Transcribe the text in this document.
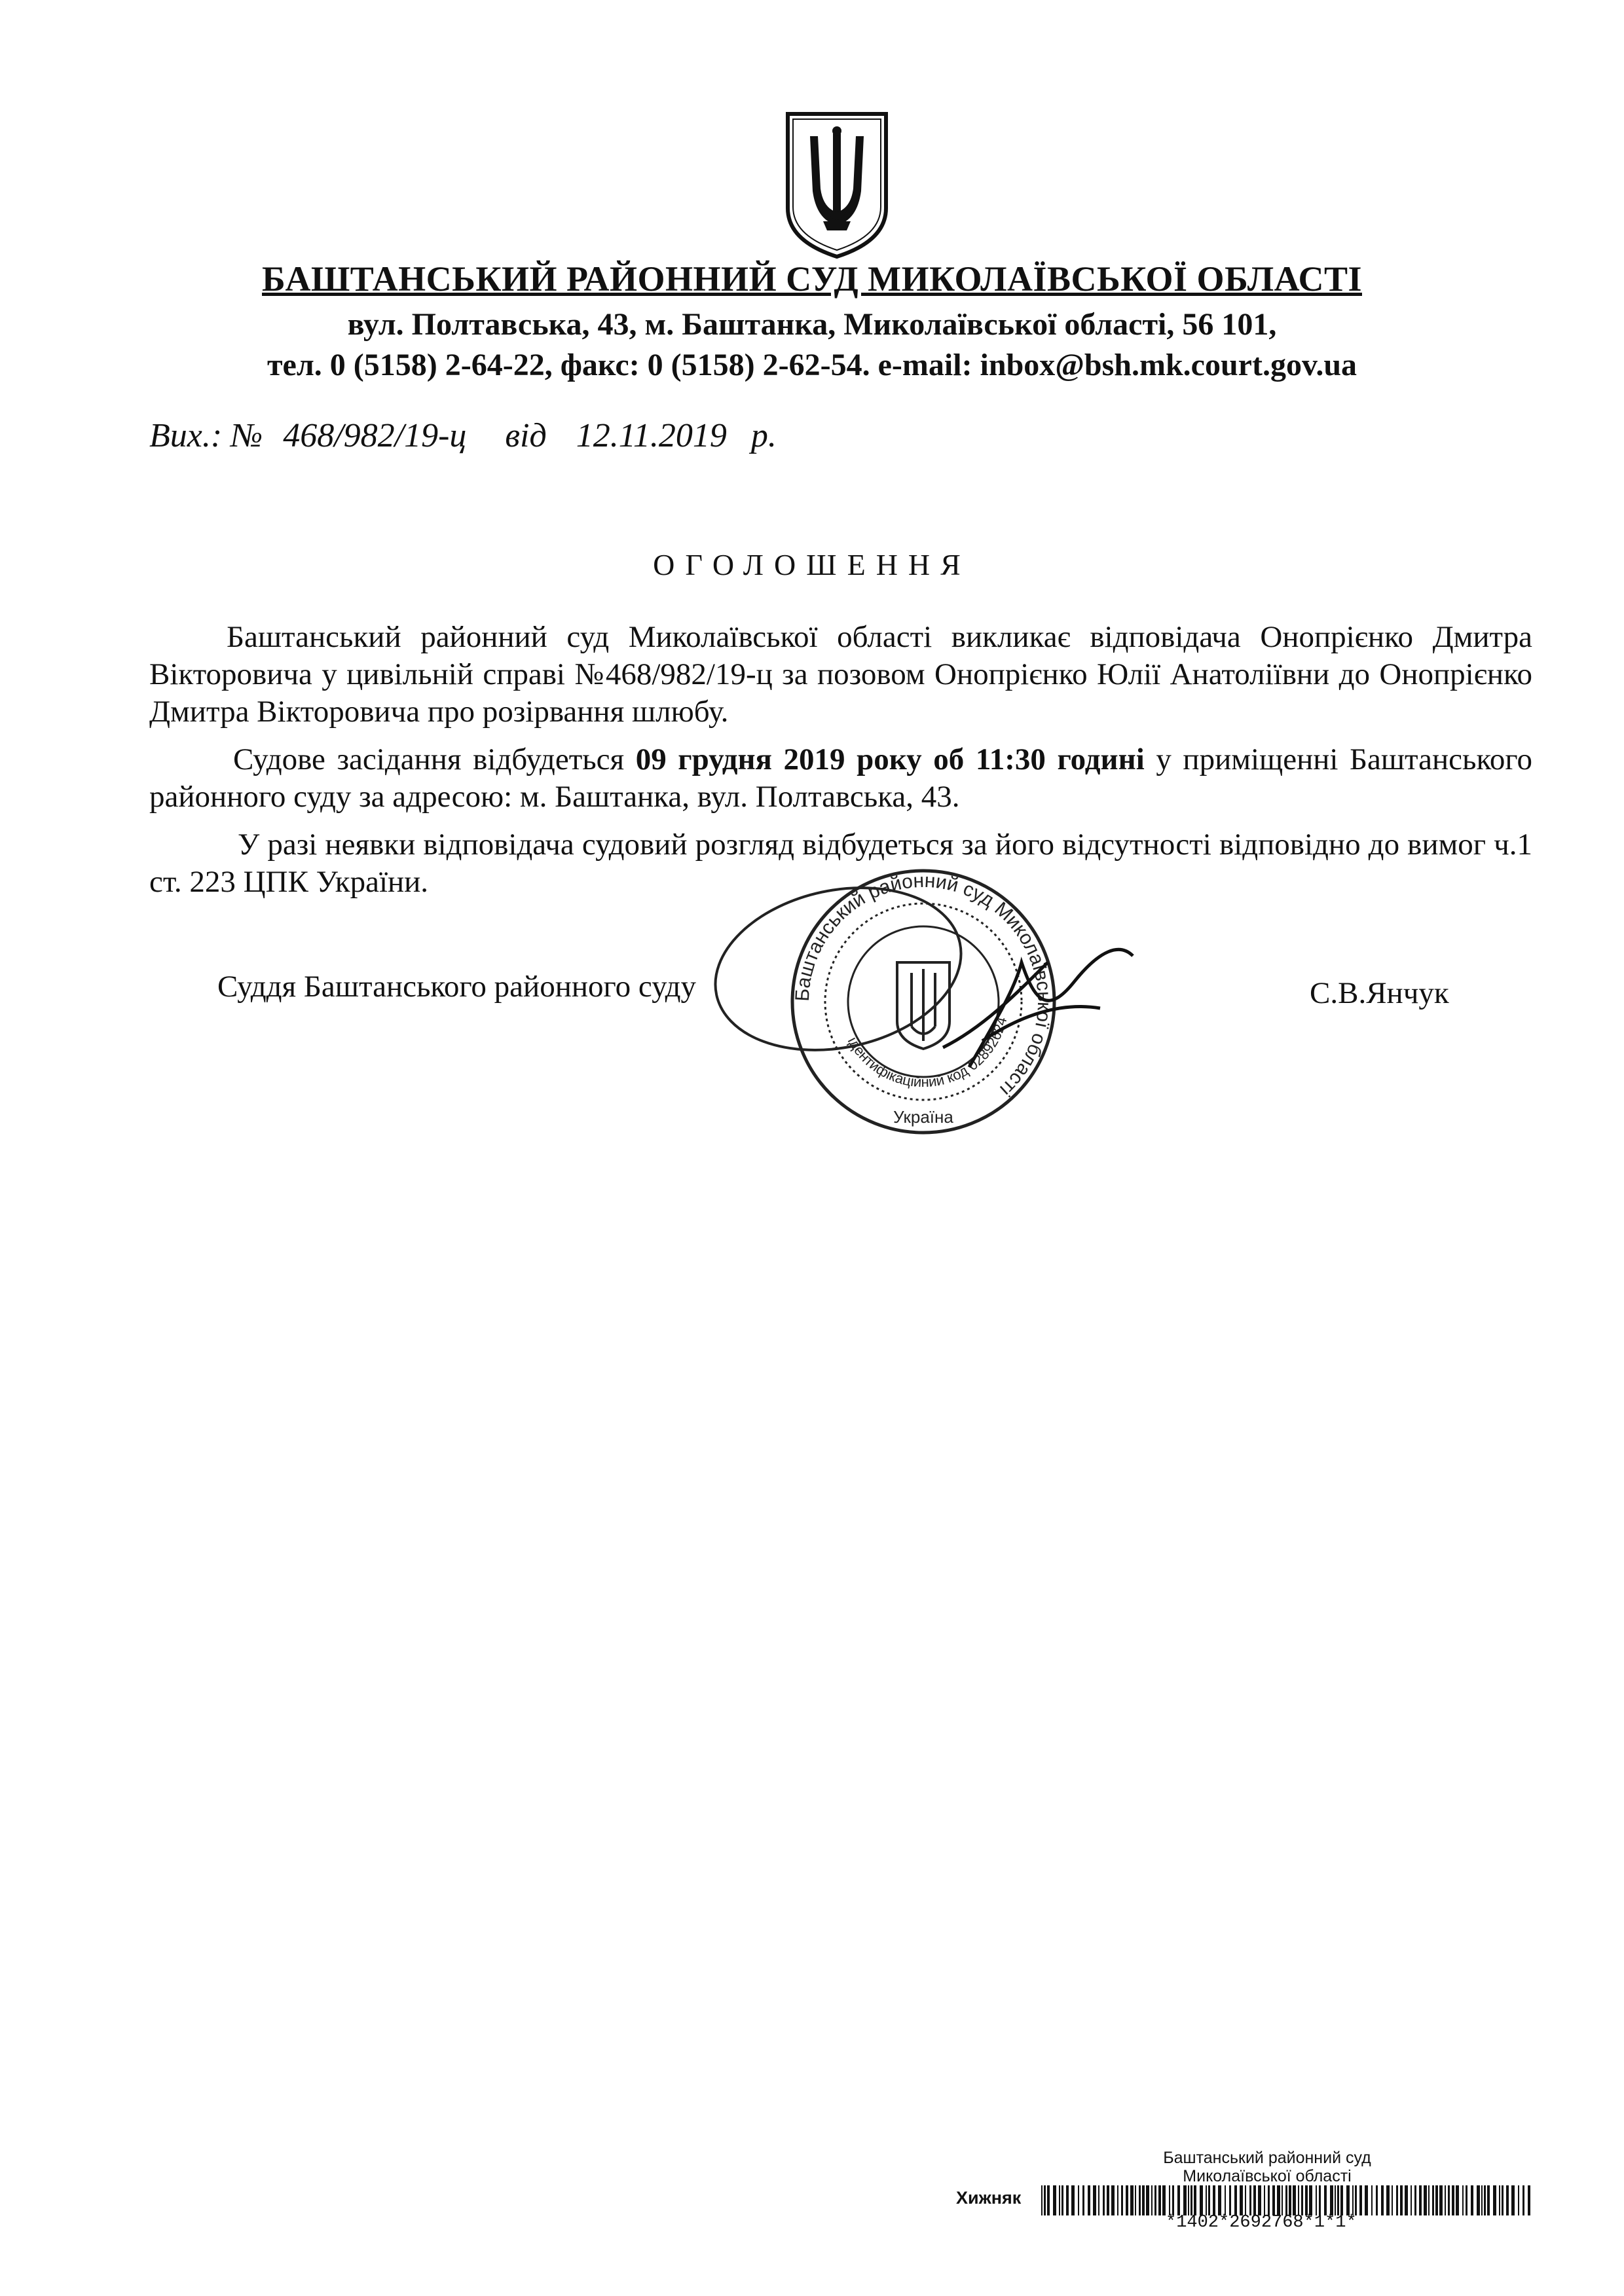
БАШТАНСЬКИЙ РАЙОННИЙ СУД МИКОЛАЇВСЬКОЇ ОБЛАСТІ
вул. Полтавська, 43, м. Баштанка, Миколаївської області, 56 101,
тел. 0 (5158) 2-64-22, факс: 0 (5158) 2-62-54. e-mail: inbox@bsh.mk.court.gov.ua
Вих.: № 468/982/19-ц від 12.11.2019 р.
ОГОЛОШЕННЯ
Баштанський районний суд Миколаївської області викликає відповідача Онопрієнко Дмитра Вікторовича у цивільній справі №468/982/19-ц за позовом Онопрієнко Юлії Анатоліївни до Онопрієнко Дмитра Вікторовича про розірвання шлюбу.
Судове засідання відбудеться 09 грудня 2019 року об 11:30 годині у приміщенні Баштанського районного суду за адресою: м. Баштанка, вул. Полтавська, 43.
У разі неявки відповідача судовий розгляд відбудеться за його відсутності відповідно до вимог ч.1 ст. 223 ЦПК України.
Суддя Баштанського районного суду	С.В.Янчук
Баштанський районний суд Миколаївської області
ідентифікаційний код 02892624
Україна
Баштанський районний суд
Миколаївської області
Хижняк
*1402*2692768*1*1*
